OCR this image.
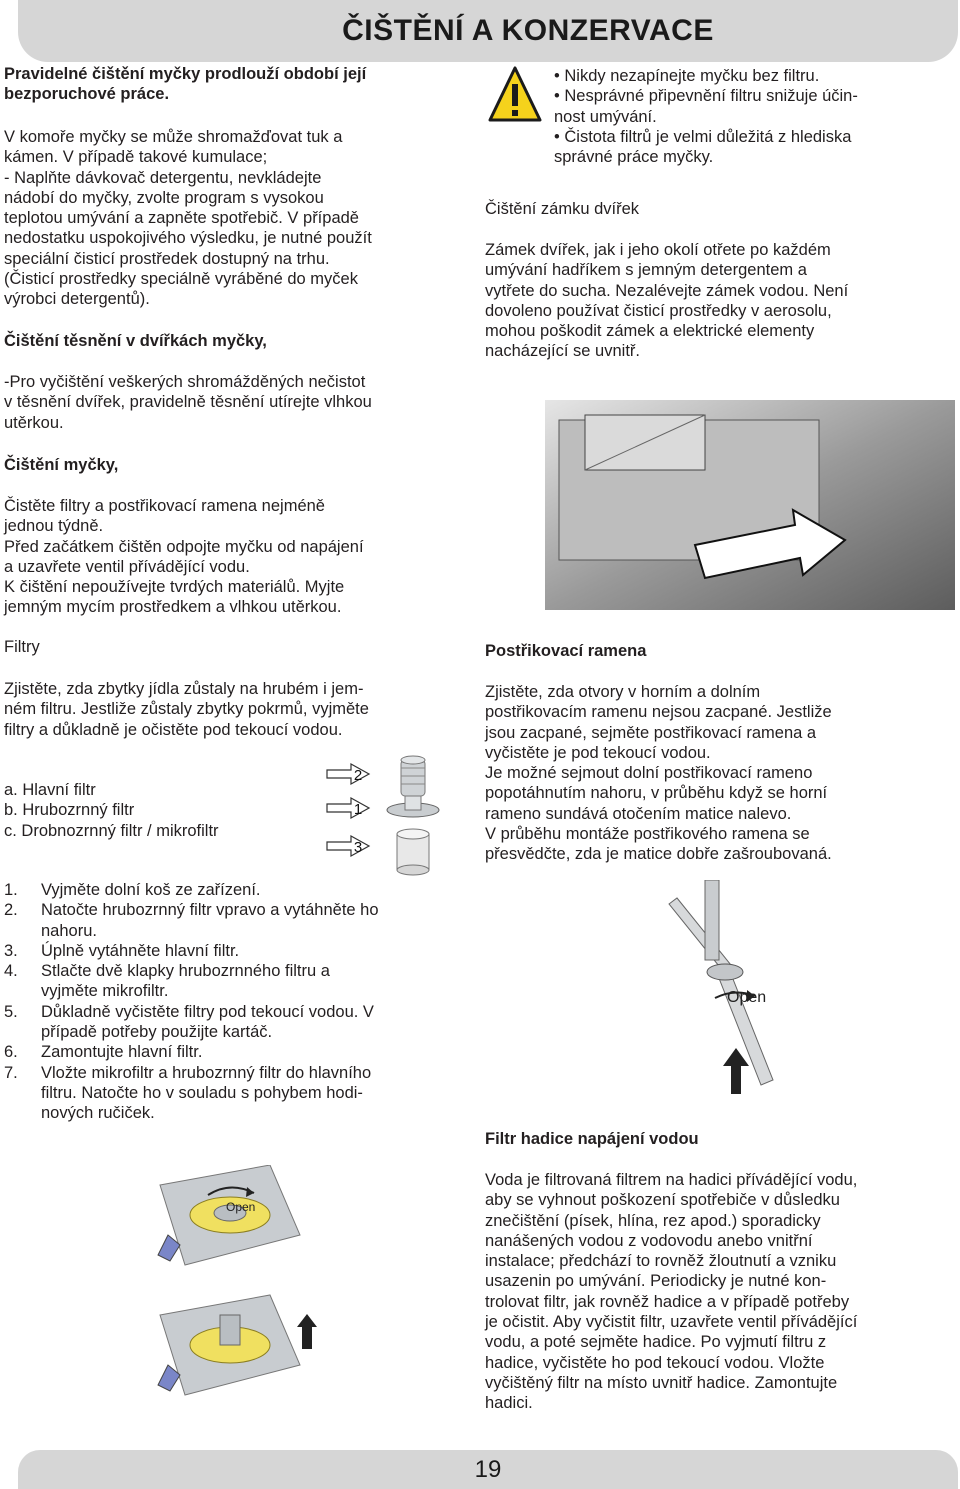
ČIŠTĚNÍ A KONZERVACE
Pravidelné čištění myčky prodlouží období její
bezporuchové práce.
V komoře myčky se může shromažďovat tuk a
kámen. V případě takové kumulace;
- Naplňte dávkovač detergentu, nevkládejte
nádobí do myčky, zvolte program s vysokou
teplotou umývání a zapněte spotřebič. V případě
nedostatku uspokojivého výsledku, je nutné použít
speciální čisticí prostředek dostupný na trhu.
(Čisticí prostředky speciálně vyráběné do myček
výrobci detergentů).
Čištění těsnění v dvířkách myčky,
-Pro vyčištění veškerých shromážděných nečistot
v těsnění dvířek, pravidelně těsnění utírejte vlhkou
utěrkou.
Čištění myčky,
Čistěte filtry a postřikovací ramena nejméně
jednou týdně.
Před začátkem čištěn odpojte myčku od napájení
a uzavřete ventil přívádějící vodu.
K čištění nepoužívejte tvrdých materiálů. Myjte
jemným mycím prostředkem a vlhkou utěrkou.
Filtry
Zjistěte, zda zbytky jídla zůstaly na hrubém i jem-
ném filtru. Jestliže zůstaly zbytky pokrmů, vyjměte
filtry a důkladně je očistěte pod tekoucí vodou.
a. Hlavní filtr
b. Hrubozrnný filtr
c. Drobnozrnný filtr / mikrofiltr
2
1
3
1. Vyjměte dolní koš ze zařízení.
2. Natočte hrubozrnný filtr vpravo a vytáhněte ho
nahoru.
3. Úplně vytáhněte hlavní filtr.
4. Stlačte dvě klapky hrubozrnného filtru a
vyjměte mikrofiltr.
5. Důkladně vyčistěte filtry pod tekoucí vodou. V
případě potřeby použijte kartáč.
6. Zamontujte hlavní filtr.
7. Vložte mikrofiltr a hrubozrnný filtr do hlavního
filtru. Natočte ho v souladu s pohybem hodi-
nových ručiček.
Open
• Nikdy nezapínejte myčku bez filtru.
• Nesprávné připevnění filtru snižuje účin-
nost umývání.
• Čistota filtrů je velmi důležitá z hlediska
správné práce myčky.
Čištění zámku dvířek
Zámek dvířek, jak i jeho okolí otřete po každém
umývání hadříkem s jemným detergentem a
vytřete do sucha. Nezalévejte zámek vodou. Není
dovoleno používat čisticí prostředky v aerosolu,
mohou poškodit zámek a elektrické elementy
nacházející se uvnitř.
Postřikovací ramena
Zjistěte, zda otvory v horním a dolním
postřikovacím ramenu nejsou zacpané. Jestliže
jsou zacpané, sejměte postřikovací ramena a
vyčistěte je pod tekoucí vodou.
Je možné sejmout dolní postřikovací rameno
popotáhnutím nahoru, v průběhu když se horní
rameno sundává otočením matice nalevo.
V průběhu montáže postřikového ramena se
přesvědčte, zda je matice dobře zašroubovaná.
Open
Filtr hadice napájení vodou
Voda je filtrovaná filtrem na hadici přívádějící vodu,
aby se vyhnout poškození spotřebiče v důsledku
znečištění (písek, hlína, rez apod.) sporadicky
nanášených vodou z vodovodu anebo vnitřní
instalace; předchází to rovněž žloutnutí a vzniku
usazenin po umývání. Periodicky je nutné kon-
trolovat filtr, jak rovněž hadice a v případě potřeby
je očistit. Aby vyčistit filtr, uzavřete ventil přívádějící
vodu, a poté sejměte hadice. Po vyjmutí filtru z
hadice, vyčistěte ho pod tekoucí vodou. Vložte
vyčištěný filtr na místo uvnitř hadice. Zamontujte
hadici.
19
